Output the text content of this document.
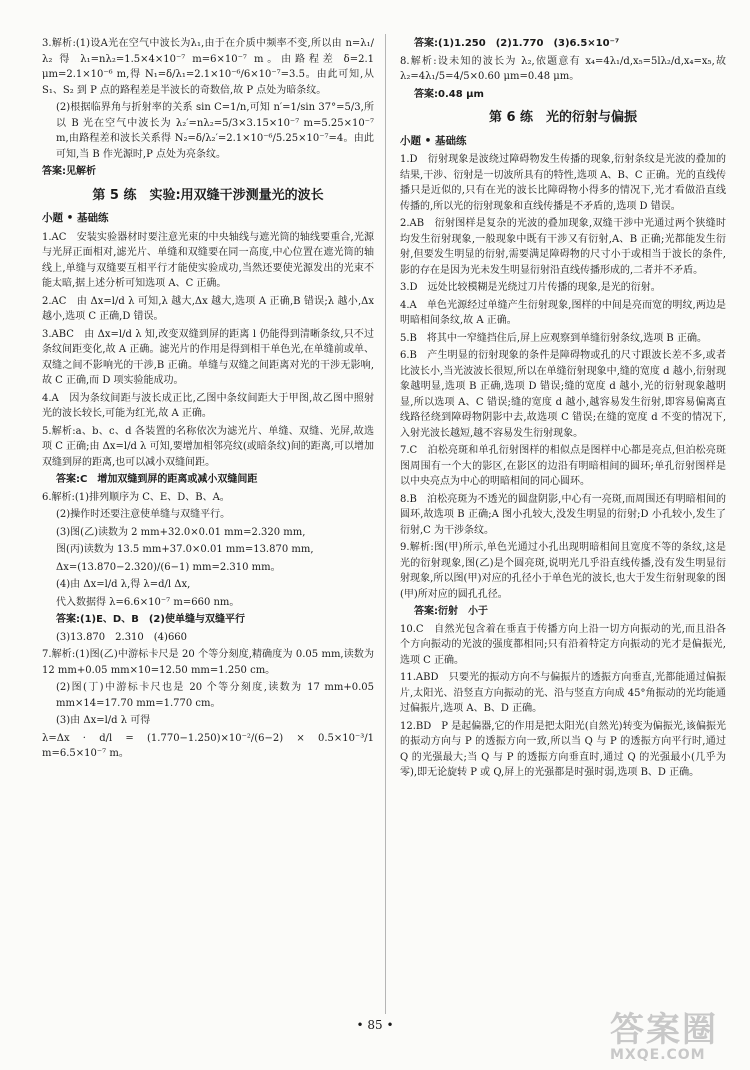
3.解析:(1)设A光在空气中波长为λ₁,由于在介质中频率不变,所以由 n=λ₁/λ₂ 得 λ₁=nλ₂=1.5×4×10⁻⁷ m=6×10⁻⁷ m。由路程差 δ=2.1 μm=2.1×10⁻⁶ m,得 N₁=δ/λ₁=2.1×10⁻⁶/6×10⁻⁷=3.5。由此可知,从 S₁、S₂ 到 P 点的路程差是半波长的奇数倍,故 P 点处为暗条纹。
(2)根据临界角与折射率的关系 sin C=1/n,可知 n′=1/sin 37°=5/3,所以 B 光在空气中波长为 λ₂′=nλ₂=5/3×3.15×10⁻⁷ m=5.25×10⁻⁷ m,由路程差和波长关系得 N₂=δ/λ₂′=2.1×10⁻⁶/5.25×10⁻⁷=4。由此可知,当 B 作光源时,P 点处为亮条纹。
答案:见解析
第 5 练　实验:用双缝干涉测量光的波长
小题 • 基础练
1.AC　安装实验器材时要注意光束的中央轴线与遮光筒的轴线要重合,光源与光屏正面相对,滤光片、单缝和双缝要在同一高度,中心位置在遮光筒的轴线上,单缝与双缝要互相平行才能使实验成功,当然还要使光源发出的光束不能太暗,据上述分析可知选项 A、C 正确。
2.AC　由 Δx=l/d λ 可知,λ 越大,Δx 越大,选项 A 正确,B 错误;λ 越小,Δx 越小,选项 C 正确,D 错误。
3.ABC　由 Δx=l/d λ 知,改变双缝到屏的距离 l 仍能得到清晰条纹,只不过条纹间距变化,故 A 正确。滤光片的作用是得到相干单色光,在单缝前或单、双缝之间不影响光的干涉,B 正确。单缝与双缝之间距离对光的干涉无影响,故 C 正确,而 D 项实验能成功。
4.A　因为条纹间距与波长成正比,乙图中条纹间距大于甲图,故乙图中照射光的波长较长,可能为红光,故 A 正确。
5.解析:a、b、c、d 各装置的名称依次为滤光片、单缝、双缝、光屏,故选项 C 正确;由 Δx=l/d λ 可知,要增加相邻亮纹(或暗条纹)间的距离,可以增加双缝到屏的距离,也可以减小双缝间距。
答案:C　增加双缝到屏的距离或减小双缝间距
6.解析:(1)排列顺序为 C、E、D、B、A。
(2)操作时还要注意使单缝与双缝平行。
(3)图(乙)读数为 2 mm+32.0×0.01 mm=2.320 mm,
图(丙)读数为 13.5 mm+37.0×0.01 mm=13.870 mm,
Δx=(13.870−2.320)/(6−1) mm=2.310 mm。
(4)由 Δx=l/d λ,得 λ=d/l Δx,
代入数据得 λ=6.6×10⁻⁷ m=660 nm。
答案:(1)E、D、B　(2)使单缝与双缝平行
(3)13.870　2.310　(4)660
7.解析:(1)图(乙)中游标卡尺是 20 个等分刻度,精确度为 0.05 mm,读数为 12 mm+0.05 mm×10=12.50 mm=1.250 cm。
(2)图(丁)中游标卡尺也是 20 个等分刻度,读数为 17 mm+0.05 mm×14=17.70 mm=1.770 cm。
(3)由 Δx=l/d λ 可得
λ=Δx · d/l = (1.770−1.250)×10⁻²/(6−2) × 0.5×10⁻³/1 m=6.5×10⁻⁷ m。
答案:(1)1.250　(2)1.770　(3)6.5×10⁻⁷
8.解析:设未知的波长为 λ₂,依题意有 x₄=4λ₁/d,x₅=5lλ₂/d,x₄=x₅,故 λ₂=4λ₁/5=4/5×0.60 μm=0.48 μm。
答案:0.48 μm
第 6 练　光的衍射与偏振
小题 • 基础练
1.D　衍射现象是波绕过障碍物发生传播的现象,衍射条纹是光波的叠加的结果,干涉、衍射是一切波所具有的特性,选项 A、B、C 正确。光的直线传播只是近似的,只有在光的波长比障碍物小得多的情况下,光才看做沿直线传播的,所以光的衍射现象和直线传播是不矛盾的,选项 D 错误。
2.AB　衍射图样是复杂的光波的叠加现象,双缝干涉中光通过两个狭缝时均发生衍射现象,一般现象中既有干涉又有衍射,A、B 正确;光都能发生衍射,但要发生明显的衍射,需要满足障碍物的尺寸小于或相当于波长的条件,影的存在是因为光未发生明显衍射沿直线传播形成的,二者并不矛盾。
3.D　远处比较模糊是光绕过刀片传播的现象,是光的衍射。
4.A　单色光源经过单缝产生衍射现象,图样的中间是亮而宽的明纹,两边是明暗相间条纹,故 A 正确。
5.B　将其中一窄缝挡住后,屏上应观察到单缝衍射条纹,选项 B 正确。
6.B　产生明显的衍射现象的条件是障碍物或孔的尺寸跟波长差不多,或者比波长小,当光波波长很短,所以在单缝衍射现象中,缝的宽度 d 越小,衍射现象越明显,选项 B 正确,选项 D 错误;缝的宽度 d 越小,光的衍射现象越明显,所以选项 A、C 错误;缝的宽度 d 越小,越容易发生衍射,即容易偏离直线路径绕到障碍物阴影中去,故选项 C 错误;在缝的宽度 d 不变的情况下,入射光波长越短,越不容易发生衍射现象。
7.C　泊松亮斑和单孔衍射图样的相似点是图样中心都是亮点,但泊松亮斑图周围有一个大的影区,在影区的边沿有明暗相间的圆环;单孔衍射图样是以中央亮点为中心的明暗相间的同心圆环。
8.B　泊松亮斑为不透光的圆盘阴影,中心有一亮斑,而周围还有明暗相间的圆环,故选项 B 正确;A 图小孔较大,没发生明显的衍射;D 小孔较小,发生了衍射,C 为干涉条纹。
9.解析:图(甲)所示,单色光通过小孔出现明暗相间且宽度不等的条纹,这是光的衍射现象,图(乙)是个圆亮斑,说明光几乎沿直线传播,没有发生明显衍射现象,所以图(甲)对应的孔径小于单色光的波长,也大于发生衍射现象的图(甲)所对应的圆孔孔径。
答案:衍射　小于
10.C　自然光包含着在垂直于传播方向上沿一切方向振动的光,而且沿各个方向振动的光波的强度都相同;只有沿着特定方向振动的光才是偏振光,选项 C 正确。
11.ABD　只要光的振动方向不与偏振片的透振方向垂直,光都能通过偏振片,太阳光、沿竖直方向振动的光、沿与竖直方向成 45°角振动的光均能通过偏振片,选项 A、B、D 正确。
12.BD　P 是起偏器,它的作用是把太阳光(自然光)转变为偏振光,该偏振光的振动方向与 P 的透振方向一致,所以当 Q 与 P 的透振方向平行时,通过 Q 的光强最大;当 Q 与 P 的透振方向垂直时,通过 Q 的光强最小(几乎为零),即无论旋转 P 或 Q,屏上的光强都是时强时弱,选项 B、D 正确。
• 85 •	答案圈
MXQE.COM
